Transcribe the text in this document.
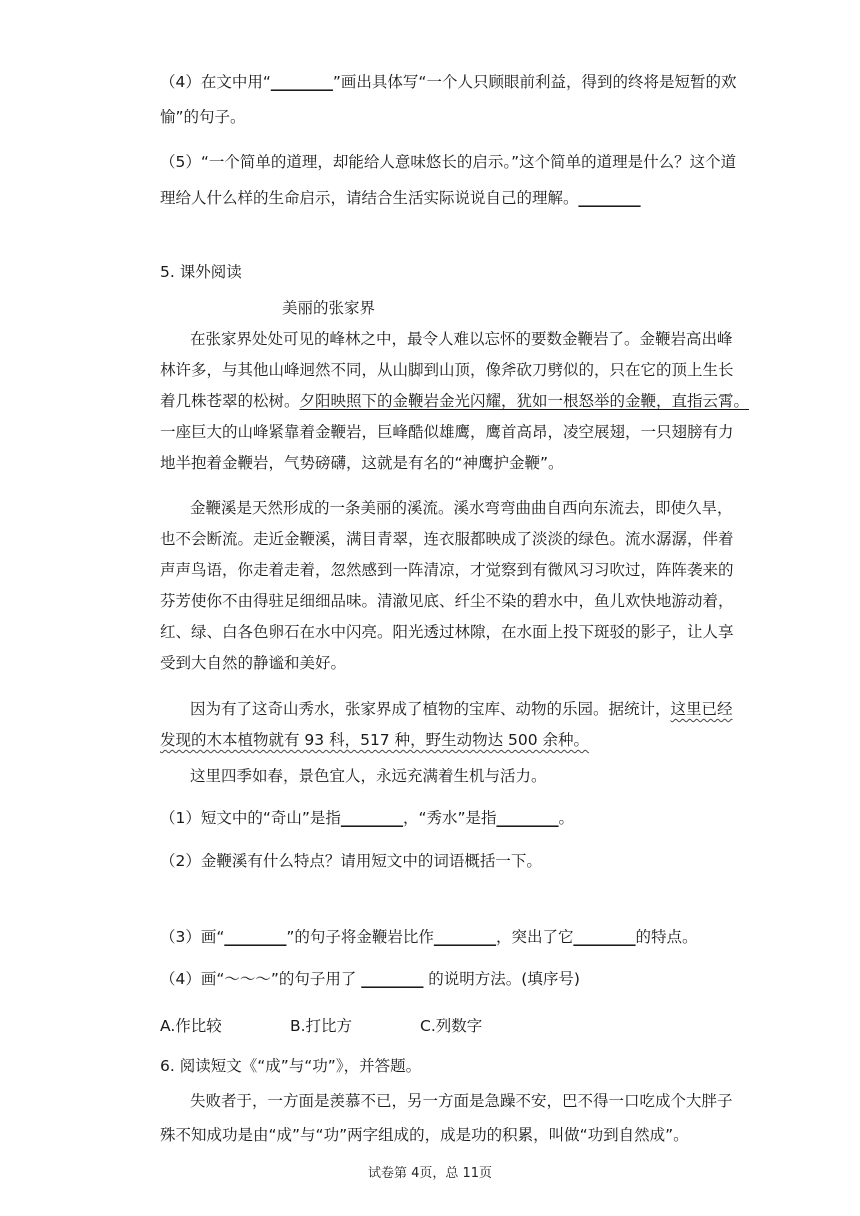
（4）在文中用“________”画出具体写“一个人只顾眼前利益，得到的终将是短暂的欢
愉”的句子。
（5）“一个简单的道理，却能给人意味悠长的启示。”这个简单的道理是什么？这个道
理给人什么样的生命启示，请结合生活实际说说自己的理解。________
5. 课外阅读
美丽的张家界
在张家界处处可见的峰林之中，最令人难以忘怀的要数金鞭岩了。金鞭岩高出峰
林许多，与其他山峰迥然不同，从山脚到山顶，像斧砍刀劈似的，只在它的顶上生长
着几株苍翠的松树。夕阳映照下的金鞭岩金光闪耀，犹如一根怒举的金鞭，直指云霄。
一座巨大的山峰紧靠着金鞭岩，巨峰酷似雄鹰，鹰首高昂，凌空展翅，一只翅膀有力
地半抱着金鞭岩，气势磅礴，这就是有名的“神鹰护金鞭”。
金鞭溪是天然形成的一条美丽的溪流。溪水弯弯曲曲自西向东流去，即使久旱，
也不会断流。走近金鞭溪，满目青翠，连衣服都映成了淡淡的绿色。流水潺潺，伴着
声声鸟语，你走着走着，忽然感到一阵清凉，才觉察到有微风习习吹过，阵阵袭来的
芬芳使你不由得驻足细细品味。清澈见底、纤尘不染的碧水中，鱼儿欢快地游动着，
红、绿、白各色卵石在水中闪亮。阳光透过林隙，在水面上投下斑驳的影子，让人享
受到大自然的静谧和美好。
因为有了这奇山秀水，张家界成了植物的宝库、动物的乐园。据统计，这里已经
发现的木本植物就有 93 科，517 种，野生动物达 500 余种。
这里四季如春，景色宜人，永远充满着生机与活力。
（1）短文中的“奇山”是指________，“秀水”是指________。
（2）金鞭溪有什么特点？请用短文中的词语概括一下。
（3）画“________”的句子将金鞭岩比作________，突出了它________的特点。
（4）画“～～～”的句子用了 ________ 的说明方法。(填序号)
A.作比较	B.打比方	C.列数字
6. 阅读短文《“成”与“功”》，并答题。
失败者于，一方面是羡慕不已，另一方面是急躁不安，巴不得一口吃成个大胖子
殊不知成功是由“成”与“功”两字组成的，成是功的积累，叫做“功到自然成”。
试卷第 4页，总 11页
